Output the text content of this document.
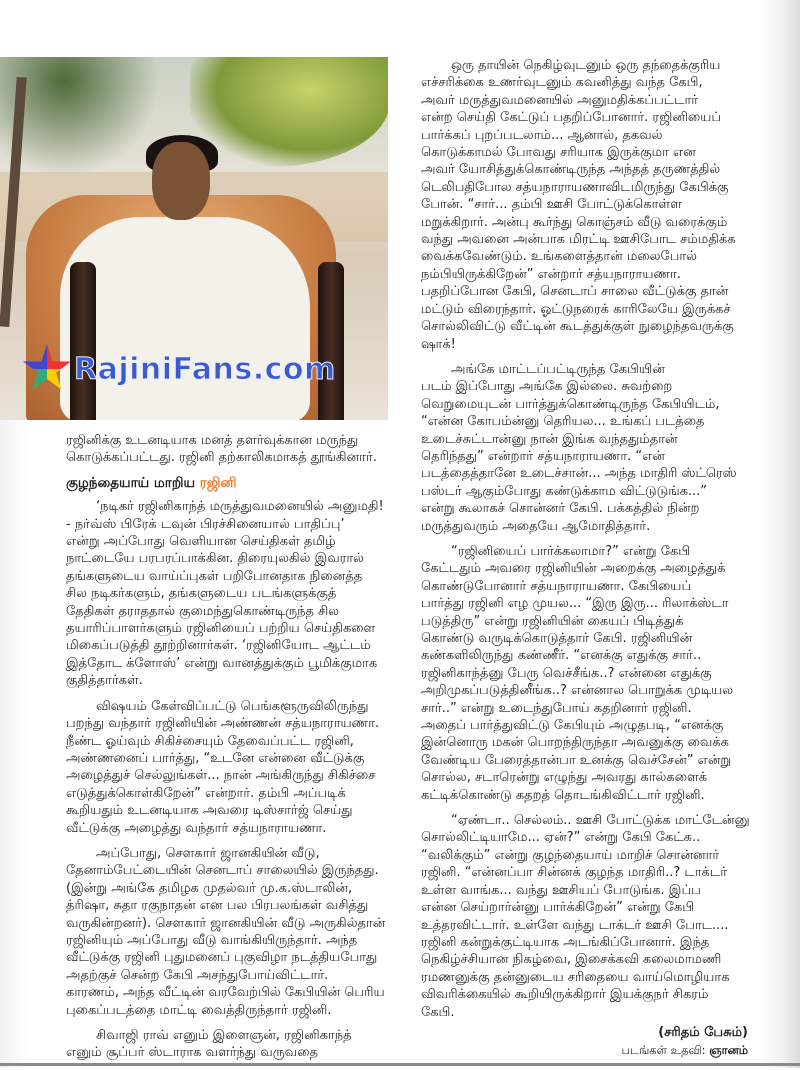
RajiniFans.com
ரஜினிக்கு உடனடியாக மனத் தளர்வுக்கான மருந்து
கொடுக்கப்பட்டது. ரஜினி தற்காலிகமாகத் தூங்கினார்.
குழந்தையாய் மாறிய ரஜினி
‘நடிகர் ரஜினிகாந்த் மருத்துவமனையில் அனுமதி!
- நர்வ்ஸ் பிரேக் டவுன் பிரச்சினையால் பாதிப்பு’
என்று அப்போது வெளியான செய்திகள் தமிழ்
நாட்டையே பரபரப்பாக்கின. திரையுலகில் இவரால்
தங்களுடைய வாய்ப்புகள் பறிபோனதாக நினைத்த
சில நடிகர்களும், தங்களுடைய படங்களுக்குத்
தேதிகள் தராததால் குமைந்துகொண்டிருந்த சில
தயாரிப்பாளர்களும் ரஜினியைப் பற்றிய செய்திகளை
மிகைப்படுத்தி தூற்றினார்கள். ‘ரஜினியோட ஆட்டம்
இத்தோட க்ளோஸ்’ என்று வானத்துக்கும் பூமிக்குமாக
குதித்தார்கள்.
விஷயம் கேள்விப்பட்டு பெங்களூருவிலிருந்து
பறந்து வந்தார் ரஜினியின் அண்ணன் சத்யநாராயணா.
நீண்ட ஓய்வும் சிகிச்சையும் தேவைப்பட்ட ரஜினி,
அண்ணனைப் பார்த்து, “உடனே என்னை வீட்டுக்கு
அழைத்துச் செல்லுங்கள்... நான் அங்கிருந்து சிகிச்சை
எடுத்துக்கொள்கிறேன்” என்றார். தம்பி அப்படிக்
கூறியதும் உடனடியாக அவரை டிஸ்சார்ஜ் செய்து
வீட்டுக்கு அழைத்து வந்தார் சத்யநாராயணா.
அப்போது, சௌகார் ஜானகியின் வீடு,
தேனாம்பேட்டையின் செனடாப் சாலையில் இருந்தது.
(இன்று அங்கே தமிழக முதல்வர் மு.க.ஸ்டாலின்,
த்ரிஷா, சுதா ரகுநாதன் என பல பிரபலங்கள் வசித்து
வருகின்றனர்). சௌகார் ஜானகியின் வீடு அருகில்தான்
ரஜினியும் அப்போது வீடு வாங்கியிருந்தார். அந்த
வீட்டுக்கு ரஜினி புதுமனைப் புகுவிழா நடத்தியபோது
அதற்குச் சென்ற கேபி அசந்துபோய்விட்டார்.
காரணம், அந்த வீட்டின் வரவேற்பில் கேபியின் பெரிய
புகைப்படத்தை மாட்டி வைத்திருந்தார் ரஜினி.
சிவாஜி ராவ் எனும் இளைஞன், ரஜினிகாந்த்
எனும் சூப்பர் ஸ்டாராக வளர்ந்து வருவதை
ஒரு தாயின் நெகிழ்வுடனும் ஒரு தந்தைக்குரிய
எச்சரிக்கை உணர்வுடனும் கவனித்து வந்த கேபி,
அவர் மருத்துவமனையில் அனுமதிக்கப்பட்டார்
என்ற செய்தி கேட்டுப் பதறிப்போனார். ரஜினியைப்
பார்க்கப் புறப்படலாம்... ஆனால், தகவல்
கொடுக்காமல் போவது சரியாக இருக்குமா என
அவர் யோசித்துக்கொண்டிருந்த அந்தத் தருணத்தில்
டெலிபதிபோல சத்யநாராயணாவிடமிருந்து கேபிக்கு
போன். “சார்... தம்பி ஊசி போட்டுக்கொள்ள
மறுக்கிறார். அன்பு கூர்ந்து கொஞ்சம் வீடு வரைக்கும்
வந்து அவனை அன்பாக மிரட்டி ஊசிபோட சம்மதிக்க
வைக்கவேண்டும். உங்களைத்தான் மலைபோல்
நம்பியிருக்கிறேன்” என்றார் சத்யநாராயணா.
பதறிப்போன கேபி, செனடாப் சாலை வீட்டுக்கு தான்
மட்டும் விரைந்தார். ஓட்டுநரைக் காரிலேயே இருக்கச்
சொல்லிவிட்டு வீட்டின் கூடத்துக்குள் நுழைந்தவருக்கு
ஷாக்!
அங்கே மாட்டப்பட்டிருந்த கேபியின்
படம் இப்போது அங்கே இல்லை. சுவற்றை
வெறுமையுடன் பார்த்துக்கொண்டிருந்த கேபியிடம்,
“என்ன கோபம்ன்னு தெரியல... உங்கப் படத்தை
உடைச்சுட்டான்னு நான் இங்க வந்ததும்தான்
தெரிந்தது” என்றார் சத்யநாராயணா. “என்
படத்தைத்தானே உடைச்சான்... அந்த மாதிரி ஸ்ட்ரெஸ்
பஸ்டர் ஆகும்போது கண்டுக்காம விட்டுடுங்க...”
என்று கூலாகச் சொன்னர் கேபி. பக்கத்தில் நின்ற
மருத்துவரும் அதையே ஆமோதித்தார்.
“ரஜினியைப் பார்க்கலாமா?” என்று கேபி
கேட்டதும் அவரை ரஜினியின் அறைக்கு அழைத்துக்
கொண்டுபோனார் சத்யநாராயணா. கேபியைப்
பார்த்து ரஜினி எழ முயல... “இரு இரு... ரிலாக்ஸ்டா
படுத்திரு” என்று ரஜினியின் கையப் பிடித்துக்
கொண்டு வருடிக்கொடுத்தார் கேபி. ரஜினியின்
கண்களிலிருந்து கண்ணீர். “எனக்கு எதுக்கு சார்..
ரஜினிகாந்த்னு பேரு வெச்சீங்க..? என்னை எதுக்கு
அறிமுகப்படுத்தினீங்க..? என்னால பொறுக்க முடியல
சார்..” என்று உடைந்துபோய் கதறினார் ரஜினி.
அதைப் பார்த்துவிட்டு கேபியும் அழுதபடி, “எனக்கு
இன்னொரு மகன் பொறந்திருந்தா அவனுக்கு வைக்க
வேண்டிய பேரைத்தான்பா உனக்கு வெச்சேன்” என்று
சொல்ல, சடாரென்று எழுந்து அவரது கால்களைக்
கட்டிக்கொண்டு கதறத் தொடங்கிவிட்டார் ரஜினி.
“ஏண்டா.. செல்லம்.. ஊசி போட்டுக்க மாட்டேன்னு
சொல்லிட்டியாமே... ஏன்?” என்று கேபி கேட்க..
“வலிக்கும்” என்று குழந்தையாய் மாறிச் சொன்னார்
ரஜினி. “என்னப்பா சின்னக் குழந்த மாதிரி..? டாக்டர்
உள்ள வாங்க... வந்து ஊசியப் போடுங்க. இப்ப
என்ன செய்றார்ன்னு பார்க்கிறேன்” என்று கேபி
உத்தரவிட்டார். உள்ளே வந்து டாக்டர் ஊசி போட....
ரஜினி கன்றுக்குட்டியாக அடங்கிப்போனார். இந்த
நெகிழ்ச்சியான நிகழ்வை, இசைக்கவி கலைமாமணி
ரமணனுக்கு தன்னுடைய சரிதையை வாய்மொழியாக
விவரிக்கையில் கூறியிருக்கிறார் இயக்குநர் சிகரம்
கேபி.
(சரிதம் பேசும்)
படங்கள் உதவி: ஞானம்
